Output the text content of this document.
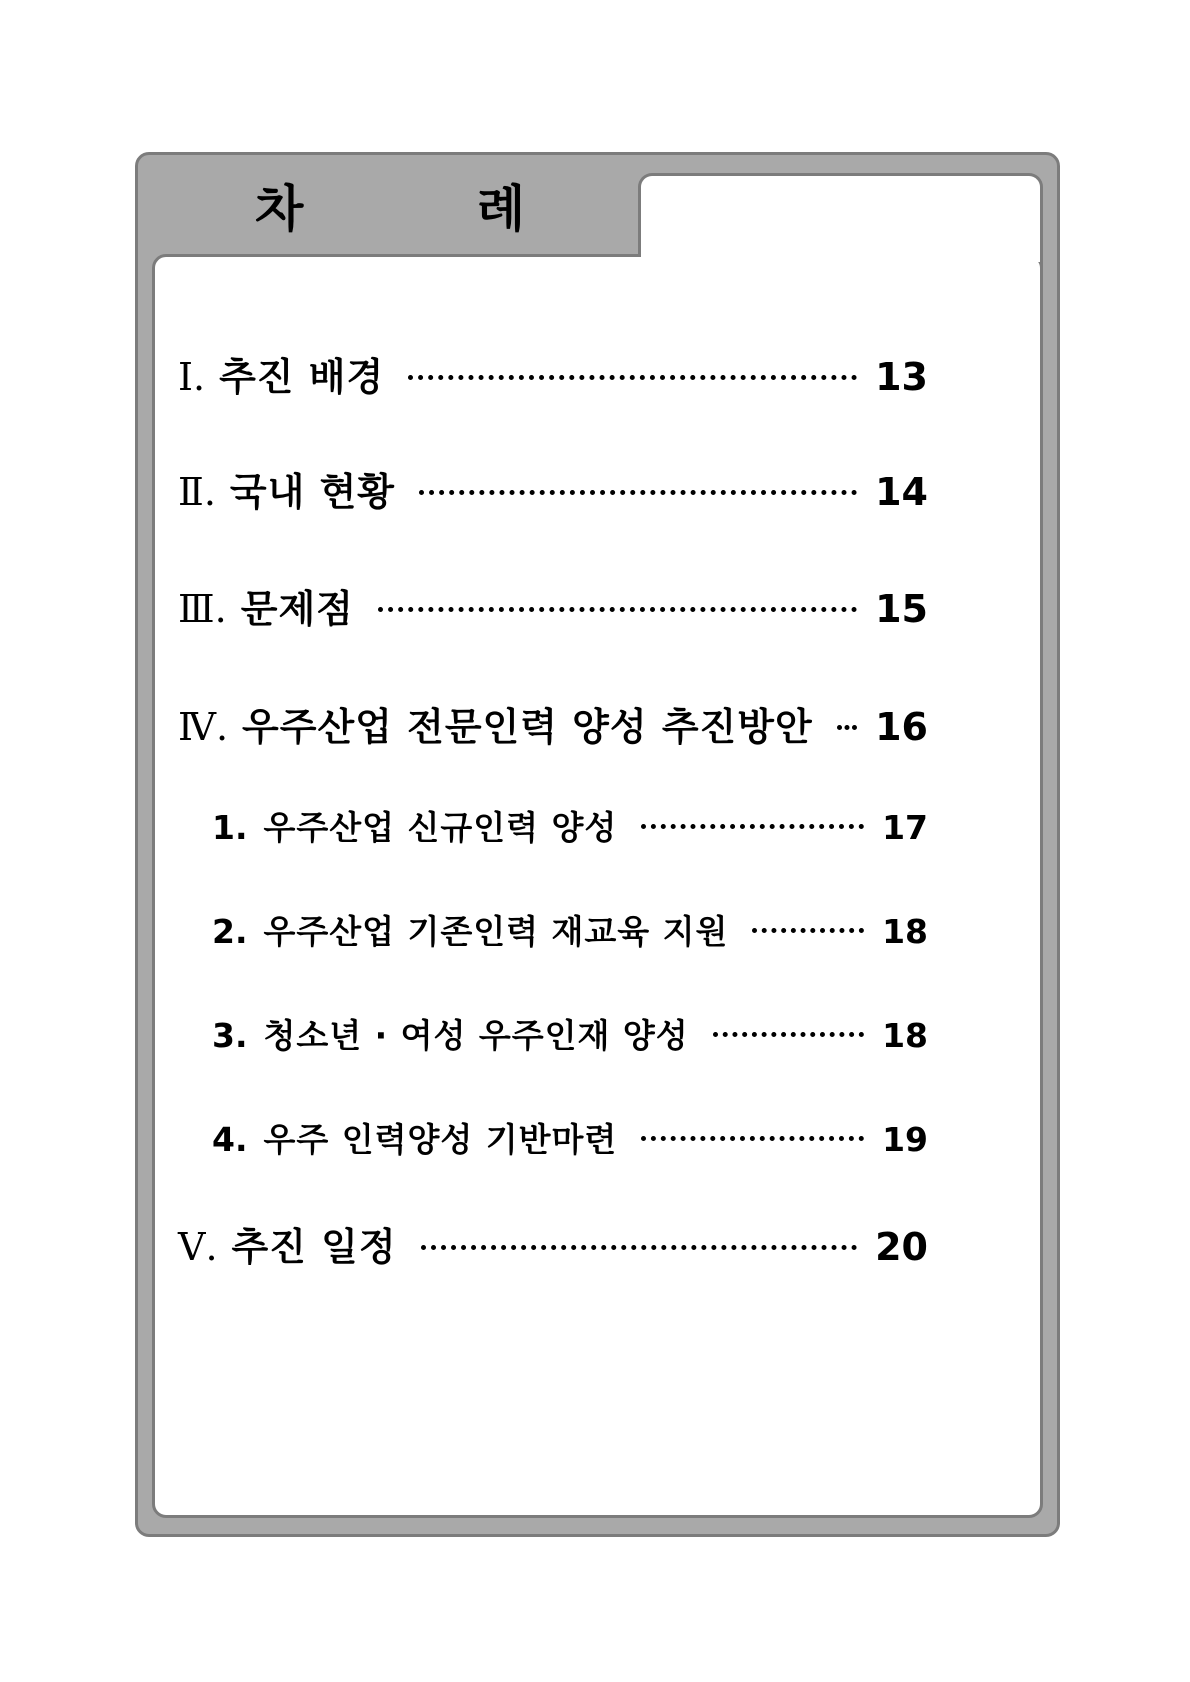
차 례
Ⅰ. 추진 배경	13
Ⅱ. 국내 현황	14
Ⅲ. 문제점	15
Ⅳ. 우주산업 전문인력 양성 추진방안 16
1. 우주산업 신규인력 양성	17
2. 우주산업 기존인력 재교육 지원	18
3. 청소년 · 여성 우주인재 양성	18
4. 우주 인력양성 기반마련	19
Ⅴ. 추진 일정	20
